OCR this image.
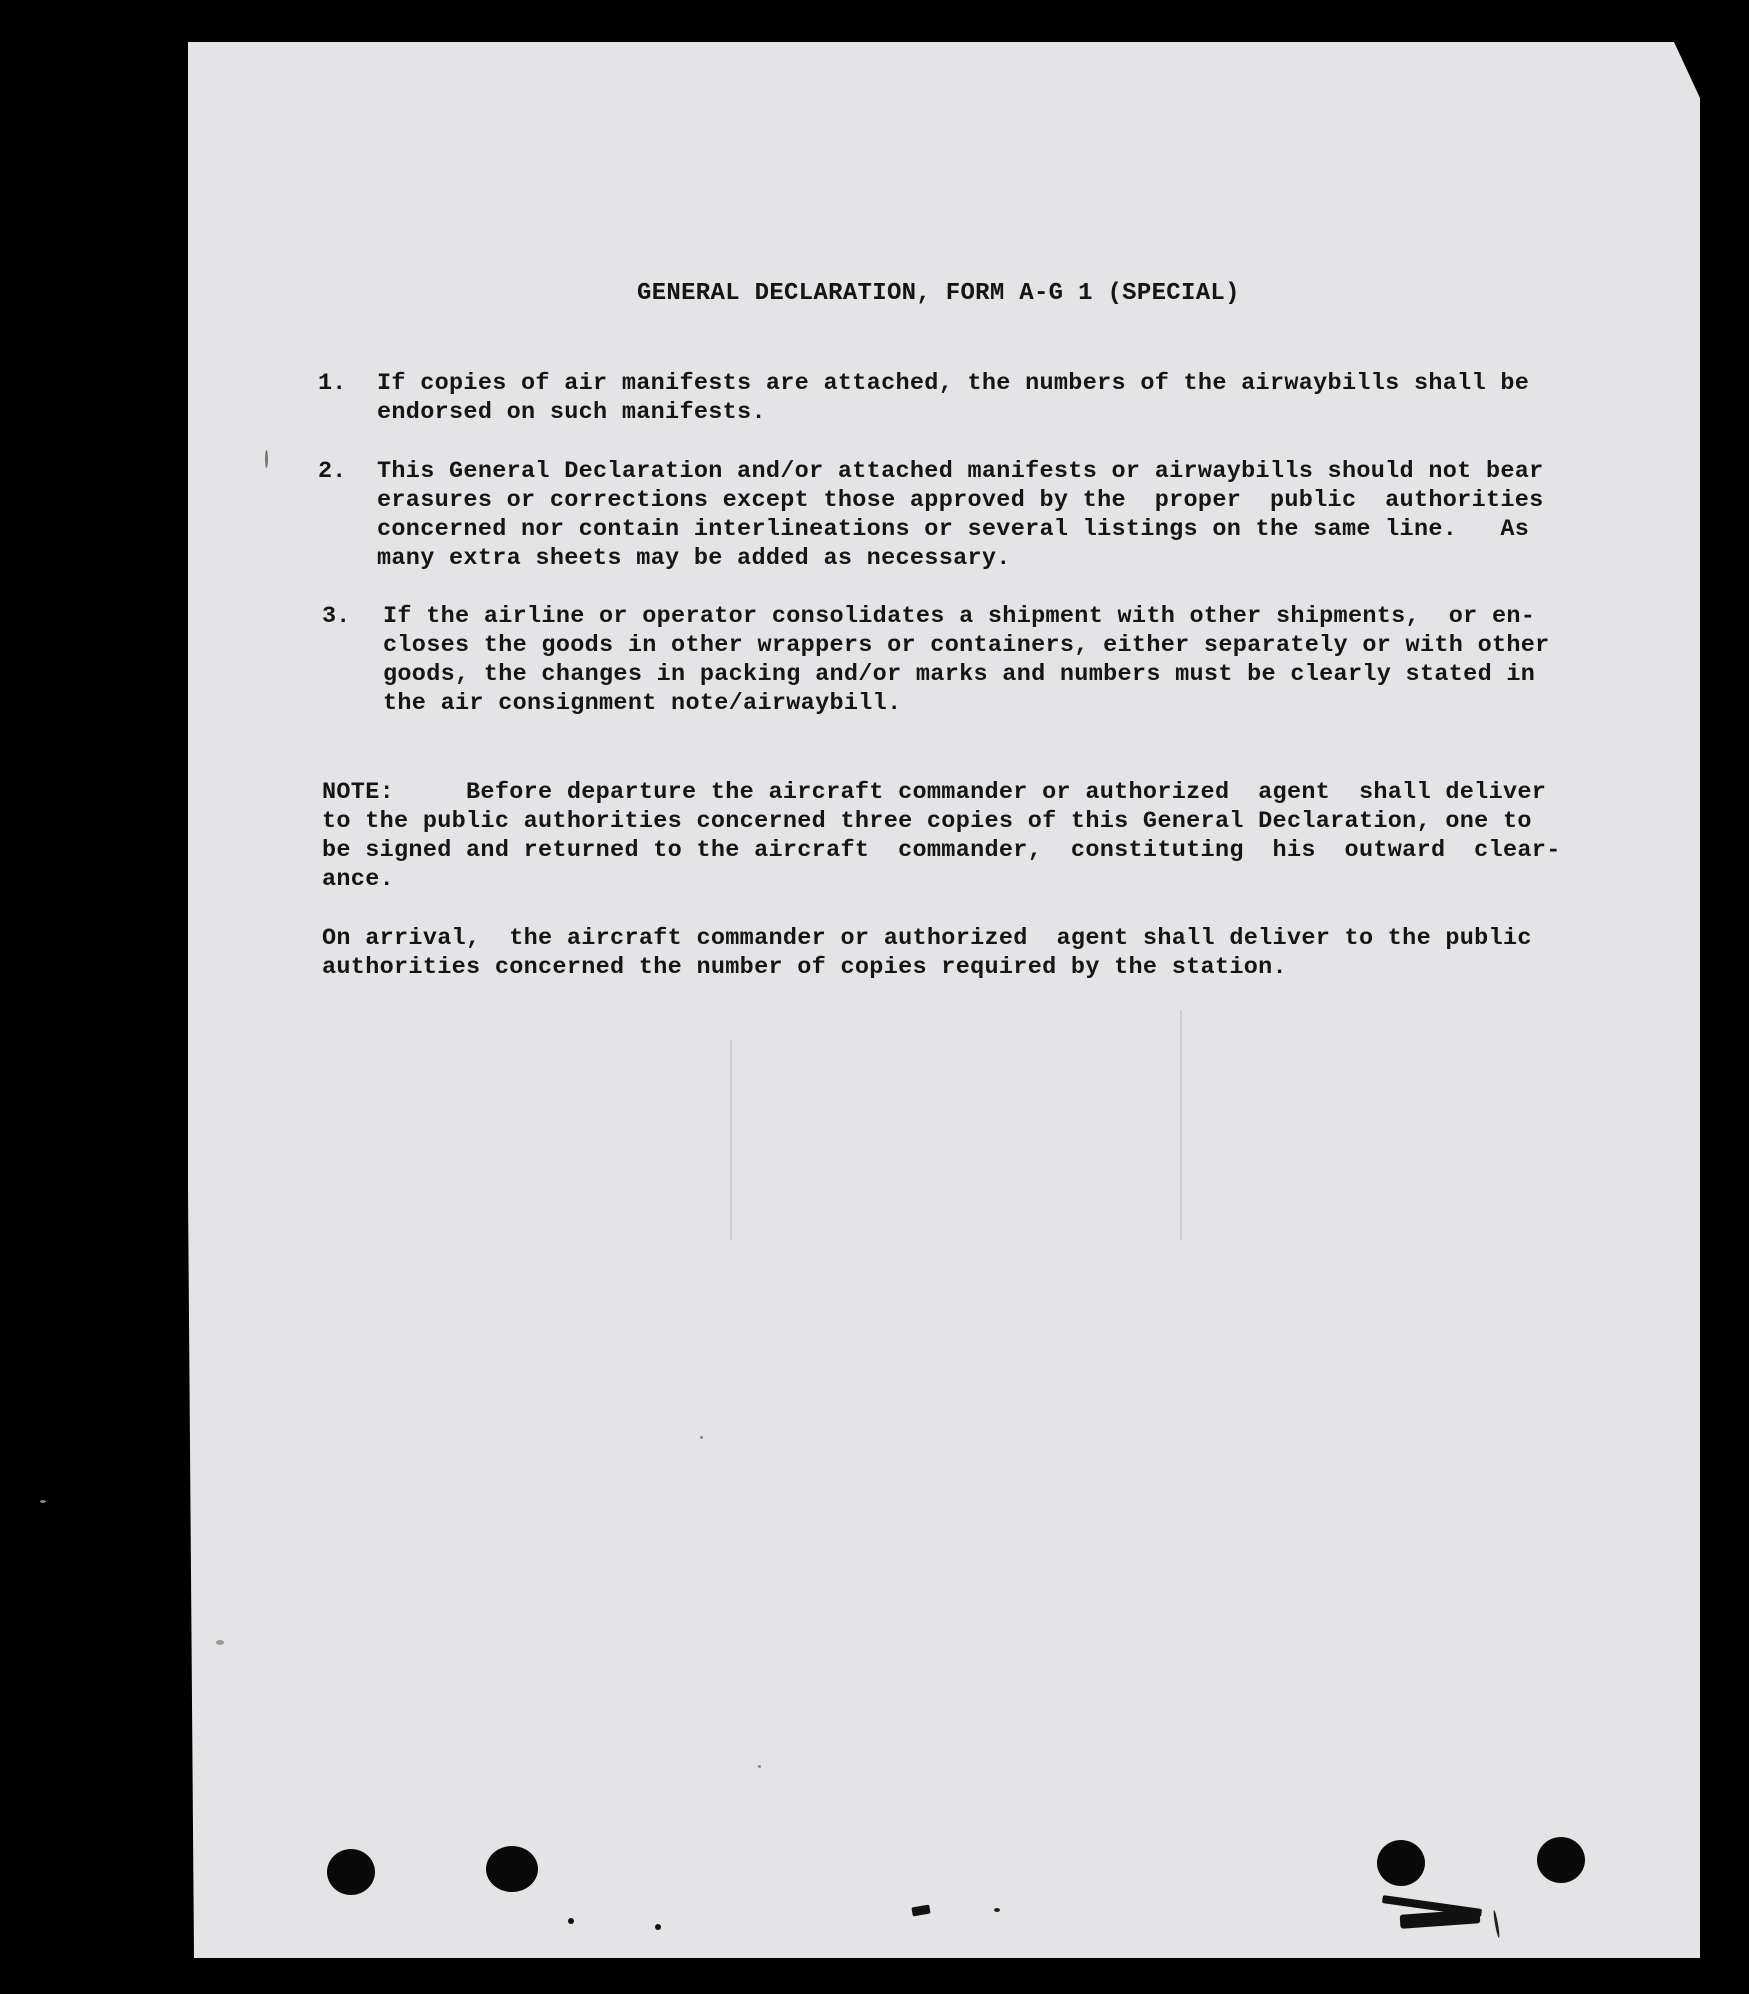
GENERAL DECLARATION, FORM A-G 1 (SPECIAL)
1. If copies of air manifests are attached, the numbers of the airwaybills shall be
endorsed on such manifests.
2. This General Declaration and/or attached manifests or airwaybills should not bear
erasures or corrections except those approved by the  proper  public  authorities
concerned nor contain interlineations or several listings on the same line.   As
many extra sheets may be added as necessary.
3. If the airline or operator consolidates a shipment with other shipments,  or en-
closes the goods in other wrappers or containers, either separately or with other
goods, the changes in packing and/or marks and numbers must be clearly stated in
the air consignment note/airwaybill.
NOTE:     Before departure the aircraft commander or authorized  agent  shall deliver
to the public authorities concerned three copies of this General Declaration, one to
be signed and returned to the aircraft  commander,  constituting  his  outward  clear-
ance.
On arrival,  the aircraft commander or authorized  agent shall deliver to the public
authorities concerned the number of copies required by the station.
